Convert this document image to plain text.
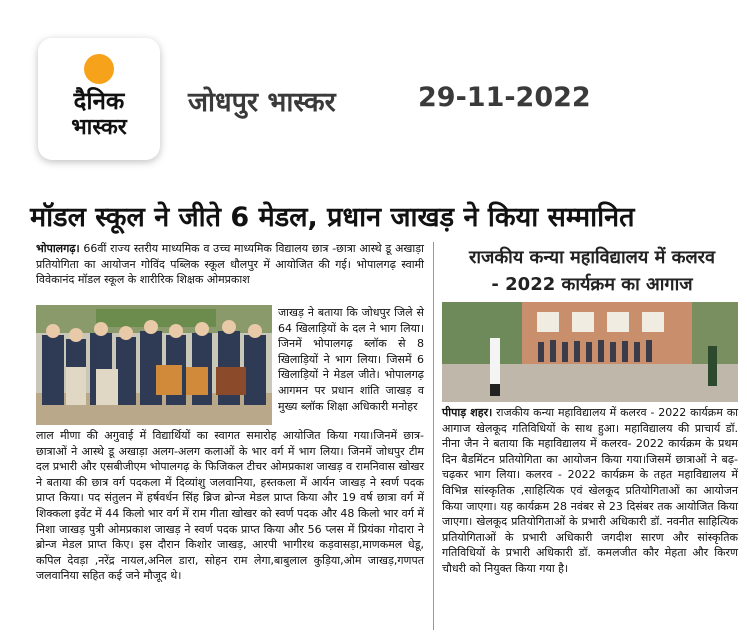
दैनिक
भास्कर
जोधपुर भास्कर	29-11-2022
मॉडल स्कूल ने जीते 6 मेडल, प्रधान जाखड़ ने किया सम्मानित

भोपालगढ़। 66वीं राज्य स्तरीय माध्यमिक व उच्च माध्यमिक विद्यालय छात्र -छात्रा आस्थे डू अखाड़ा प्रतियोगिता का आयोजन गोविंद पब्लिक स्कूल धौलपुर में आयोजित की गई। भोपालगढ़ स्वामी विवेकानंद मॉडल स्कूल के शारीरिक शिक्षक ओमप्रकाश

जाखड़ ने बताया कि जोधपुर जिले से 64 खिलाड़ियों के दल ने भाग लिया। जिनमें भोपालगढ़ ब्लॉक से 8 खिलाड़ियों ने भाग लिया। जिसमें 6 खिलाड़ियों ने मेडल जीते। भोपालगढ़ आगमन पर प्रधान शांति जाखड़ व मुख्य ब्लॉक शिक्षा अधिकारी मनोहर

लाल मीणा की अगुवाई में विद्यार्थियों का स्वागत समारोह आयोजित किया गया।जिनमें छात्र- छात्राओं ने आस्थे डू अखाड़ा अलग-अलग कलाओं के भार वर्ग में भाग लिया। जिनमें जोधपुर टीम दल प्रभारी और एसबीजीएम भोपालगढ़ के फिजिकल टीचर ओमप्रकाश जाखड़ व रामनिवास खोखर ने बताया की छात्र वर्ग पदकला में दिव्यांशु जलवानिया, हस्तकला में आर्यन जाखड़ ने स्वर्ण पदक प्राप्त किया। पद संतुलन में हर्षवर्धन सिंह ब्रिज ब्रोन्ज मेडल प्राप्त किया और 19 वर्ष छात्रा वर्ग में शिक्कला इवेंट में 44 किलो भार वर्ग में राम गीता खोखर को स्वर्ण पदक और 48 किलो भार वर्ग में निशा जाखड़ पुत्री ओमप्रकाश जाखड़ ने स्वर्ण पदक प्राप्त किया और 56 प्लस में प्रियंका गोदारा ने ब्रोन्ज मेडल प्राप्त किए। इस दौरान किशोर जाखड़, आरपी भागीरथ कड़वासड़ा,माणकमल धेडू, कपिल देवड़ा ,नरेंद्र नायल,अनिल डारा, सोहन राम लेगा,बाबुलाल कुड़िया,ओम जाखड़,गणपत जलवानिया सहित कई जने मौजूद थे।

राजकीय कन्या महाविद्यालय में कलरव
- 2022 कार्यक्रम का आगाज

पीपाड़ शहर। राजकीय कन्या महाविद्यालय में कलरव - 2022 कार्यक्रम का आगाज खेलकूद गतिविधियों के साथ हुआ। महाविद्यालय की प्राचार्य डॉ. नीना जैन ने बताया कि महाविद्यालय में कलरव- 2022 कार्यक्रम के प्रथम दिन बैडमिंटन प्रतियोगिता का आयोजन किया गया।जिसमें छात्राओं ने बढ़- चढ़कर भाग लिया। कलरव - 2022 कार्यक्रम के तहत महाविद्यालय में विभिन्न सांस्कृतिक ,साहित्यिक एवं खेलकूद प्रतियोगिताओं का आयोजन किया जाएगा। यह कार्यक्रम 28 नवंबर से 23 दिसंबर तक आयोजित किया जाएगा। खेलकूद प्रतियोगिताओं के प्रभारी अधिकारी डॉ. नवनीत साहित्यिक प्रतियोगिताओं के प्रभारी अधिकारी जगदीश सारण और सांस्कृतिक गतिविधियों के प्रभारी अधिकारी डॉ. कमलजीत कौर मेहता और किरण चौधरी को नियुक्त किया गया है।
